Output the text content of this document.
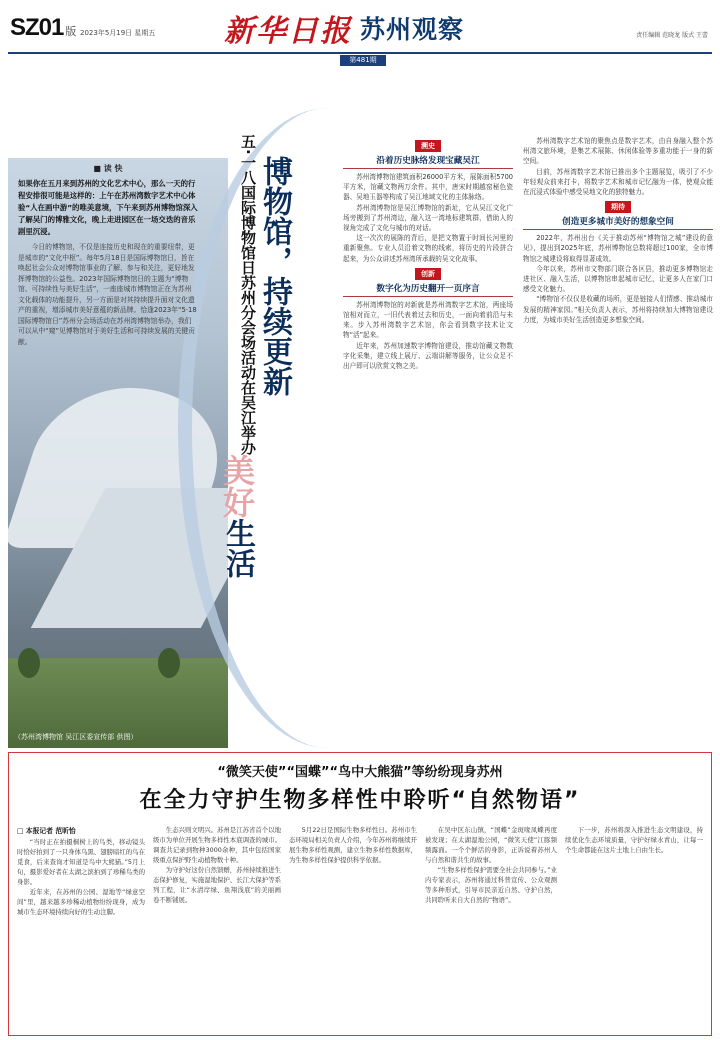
SZ01 版 2023年5月19日 星期五 新华日报 苏州观察	责任编辑 范晓龙 版式 王蕾
第481期
（苏州湾博物馆 吴江区委宣传部 供图）
■ 读 快
如果你在五月来到苏州的文化艺术中心，那么一天的行程安排很可能是这样的：上午在苏州湾数字艺术中心体验“人在画中游”的唯美意境，下午来到苏州博物馆深入了解吴门的博雅文化，晚上走进园区在一场交迭的音乐剧里沉浸。
今日的博物馆，不仅是连接历史和现在的重要纽带，更是城市的“文化中枢”。每年5月18日是国际博物馆日，旨在唤起社会公众对博物馆事业的了解、参与和关注，更好地发挥博物馆的公益性。2023年国际博物馆日的主题为“博物馆、可持续性与美好生活”，一座座城市博物馆正在为苏州文化载体的功能提升，另一方面是对其持续提升面对文化遗产的重视，增添城市美好意蕴的新品牌。恰逢2023年“5·18国际博物馆日”苏州分会场活动在苏州湾博物馆举办，我们可以从中“窥”见博物馆对于美好生活和可持续发展的关键贡献。	五·一八国际博物馆日苏州分会场活动在吴江举办 博物馆，持续更新
美好生活
溯史
沿着历史脉络发现宝藏吴江

苏州湾博物馆建筑面积26000平方米，展陈面积5700平方米，馆藏文物两万余件。其中，唐宋时期越窑秘色瓷器、吴地玉器等构成了吴江地域文化的主体脉络。

苏州湾博物馆是吴江博物馆的新址，它从吴江文化广场旁搬到了苏州湾边，融入这一湾地标建筑群，借助人的视角完成了文化与城市的对话。

这一次次的展陈的背后，是把文物置于时间长河里的重新聚焦。专业人员沿着文物的线索，将历史的片段拼合起来，为公众讲述苏州湾所承载的吴文化故事。

创新
数字化为历史翻开一页序言

苏州湾博物馆的对新就是苏州湾数字艺术馆，两座场馆相对而立，一旧代表着过去和历史，一面向着前沿与未来。步入苏州湾数字艺术馆，你会看到数字技术让文物“活”起来。

近年来，苏州加速数字博物馆建设，推动馆藏文物数字化采集，建立线上展厅、云端讲解等服务，让公众足不出户即可以欣赏文物之美。

苏州湾数字艺术馆的聚焦点是数字艺术，由自身融入整个苏州湾文旅环境，是集艺术展陈、休闲体验等多重功能于一身的新空间。

目前，苏州湾数字艺术馆已推出多个主题展览，吸引了不少年轻观众前来打卡，将数字艺术和城市记忆融为一体，使观众能在沉浸式体验中感受吴地文化的独特魅力。

期待
创造更多城市美好的想象空间

2022年，苏州出台《关于推动苏州“博物馆之城”建设的意见》，提出到2025年底，苏州博物馆总数将超过100家，全市博物馆之城建设将取得显著成效。

今年以来，苏州市文物部门联合各区县，推动更多博物馆走进社区、融入生活，以博物馆串起城市记忆，让更多人在家门口感受文化魅力。

“博物馆不仅仅是收藏的场所，更是链接人们情感、推动城市发展的精神家园。”相关负责人表示，苏州将持续加大博物馆建设力度，为城市美好生活创造更多想象空间。

“微笑天使”“国蝶”“鸟中大熊猫”等纷纷现身苏州
在全力守护生物多样性中聆听“自然物语”
□ 本报记者 范昕怡

“当时正在拍摄桐树上的鸟类，移动镜头时恰好拍到了一只身体乌黑、翅膀暗红的鸟在觅食，后来查询才知道是鸟中大熊猫。”5月上旬，摄影爱好者在太湖之滨拍到了珍稀鸟类的身影。

近年来，在苏州的公园、湿地等“绿意空间”里，越来越多珍稀动植物纷纷现身，成为城市生态环境持续向好的生动注脚。

生态兴则文明兴。苏州是江苏省首个以地级市为单位开展生物多样性本底调查的城市。调查共记录到物种3000余种，其中包括国家级重点保护野生动植物数十种。

为守护好这份自然馈赠，苏州持续推进生态保护修复，实施湿地保护、长江大保护等系列工程，让“水清岸绿、鱼翔浅底”的美丽画卷不断铺展。

5月22日是国际生物多样性日。苏州市生态环境局相关负责人介绍，今年苏州将继续开展生物多样性观测，建立生物多样性数据库，为生物多样性保护提供科学依据。

在吴中区东山镇，“国蝶”金斑喙凤蝶再度被发现；在太湖湿地公园，“微笑天使”江豚频频露面。一个个鲜活的身影，正诉说着苏州人与自然和谐共生的故事。

“生物多样性保护需要全社会共同参与。”业内专家表示，苏州将通过科普宣传、公众观测等多种形式，引导市民亲近自然、守护自然，共同聆听来自大自然的“物语”。

下一步，苏州将深入推进生态文明建设，持续优化生态环境质量，守护好绿水青山，让每一个生命都能在这片土地上自由生长。
